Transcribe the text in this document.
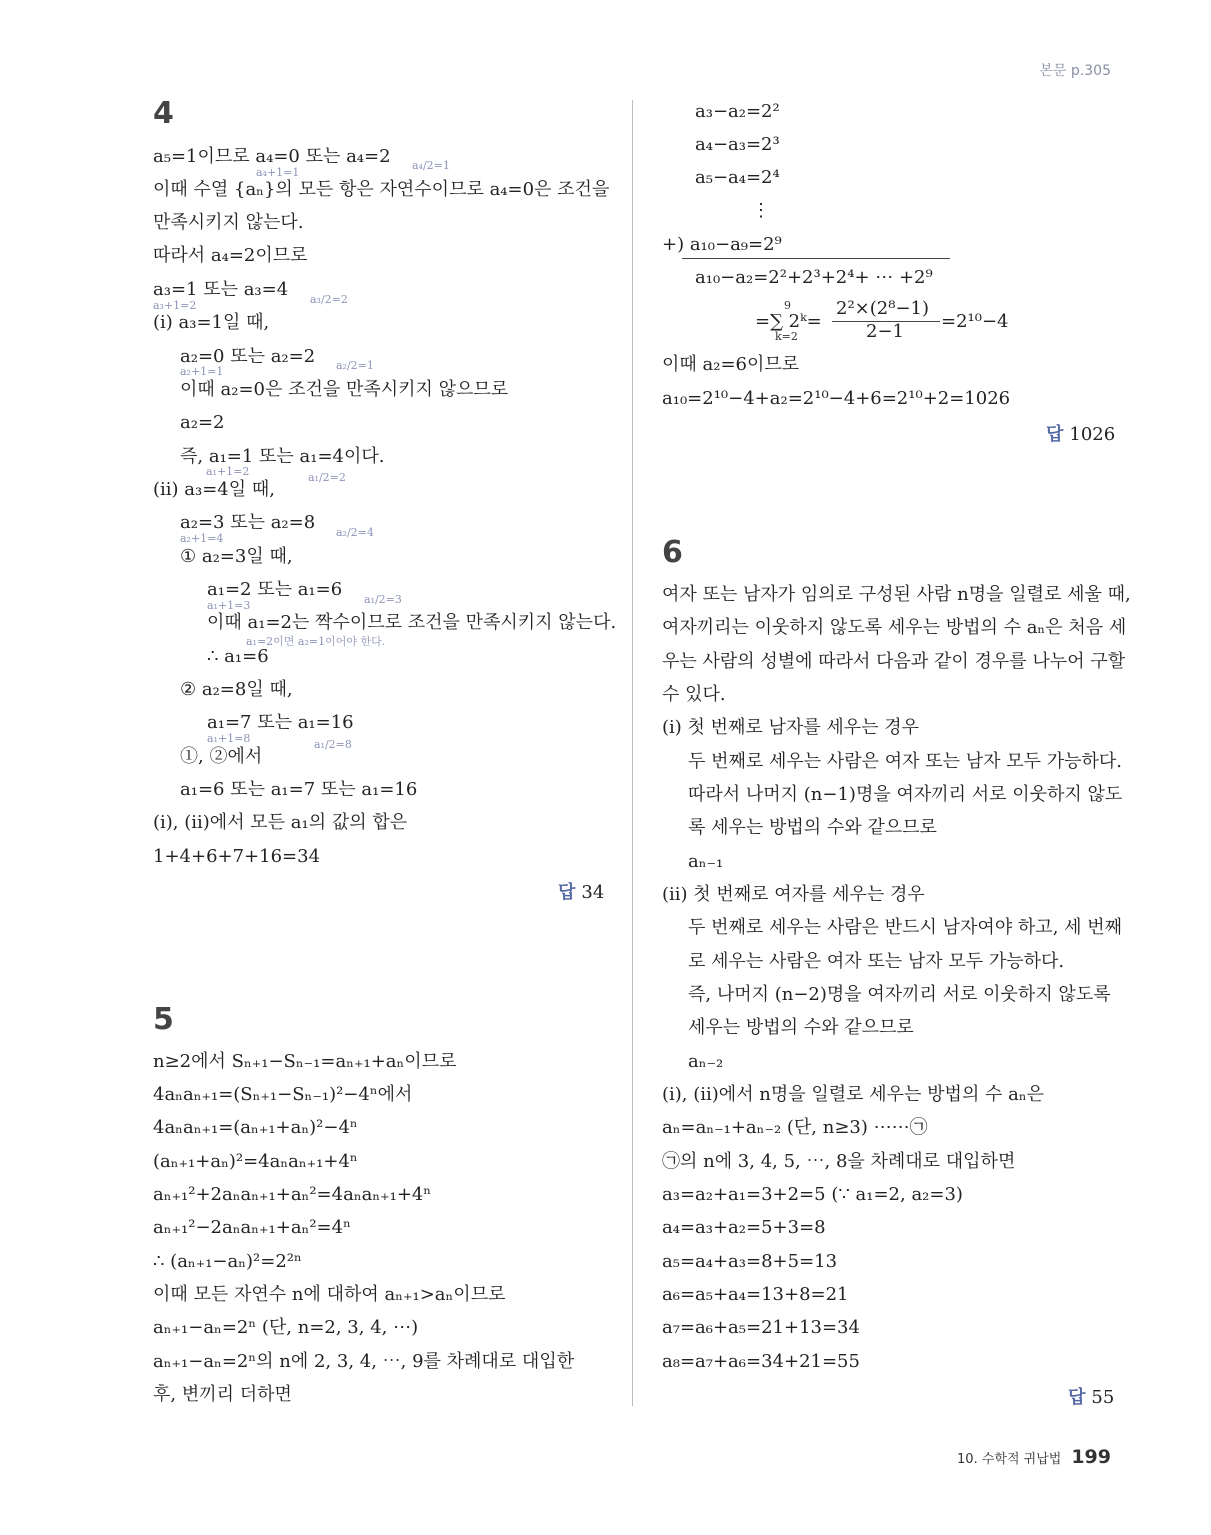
본문 p.305
4
a₅=1이므로 a₄=0 또는 a₄=2
a₄+1=1
a₄/2=1
이때 수열 {aₙ}의 모든 항은 자연수이므로 a₄=0은 조건을
만족시키지 않는다.
따라서 a₄=2이므로
a₃=1 또는 a₃=4
a₃+1=2	a₃/2=2
(ⅰ) a₃=1일 때,
a₂=0 또는 a₂=2
a₂+1=1	a₂/2=1
이때 a₂=0은 조건을 만족시키지 않으므로
a₂=2
즉, a₁=1 또는 a₁=4이다.
a₁+1=2	a₁/2=2
(ⅱ) a₃=4일 때,
a₂=3 또는 a₂=8
a₂+1=4	a₂/2=4
① a₂=3일 때,
a₁=2 또는 a₁=6
a₁+1=3	a₁/2=3
이때 a₁=2는 짝수이므로 조건을 만족시키지 않는다.
a₁=2이면 a₂=1이어야 한다.
∴ a₁=6
② a₂=8일 때,
a₁=7 또는 a₁=16
a₁+1=8	a₁/2=8
①, ②에서
a₁=6 또는 a₁=7 또는 a₁=16
(ⅰ), (ⅱ)에서 모든 a₁의 값의 합은
1+4+6+7+16=34
답 34
5
n≥2에서 Sₙ₊₁−Sₙ₋₁=aₙ₊₁+aₙ이므로
4aₙaₙ₊₁=(Sₙ₊₁−Sₙ₋₁)²−4ⁿ에서
4aₙaₙ₊₁=(aₙ₊₁+aₙ)²−4ⁿ
(aₙ₊₁+aₙ)²=4aₙaₙ₊₁+4ⁿ
aₙ₊₁²+2aₙaₙ₊₁+aₙ²=4aₙaₙ₊₁+4ⁿ
aₙ₊₁²−2aₙaₙ₊₁+aₙ²=4ⁿ
∴ (aₙ₊₁−aₙ)²=2²ⁿ
이때 모든 자연수 n에 대하여 aₙ₊₁>aₙ이므로
aₙ₊₁−aₙ=2ⁿ (단, n=2, 3, 4, ⋯)
aₙ₊₁−aₙ=2ⁿ의 n에 2, 3, 4, ⋯, 9를 차례대로 대입한
후, 변끼리 더하면
a₃−a₂=2²
a₄−a₃=2³
a₅−a₄=2⁴
⋮
+) a₁₀−a₉=2⁹
a₁₀−a₂=2²+2³+2⁴+ ⋯ +2⁹
=∑ 2ᵏ=
9
k=2
2²×(2⁸−1)
2−1 =2¹⁰−4
이때 a₂=6이므로
a₁₀=2¹⁰−4+a₂=2¹⁰−4+6=2¹⁰+2=1026
답 1026
6
여자 또는 남자가 임의로 구성된 사람 n명을 일렬로 세울 때,
여자끼리는 이웃하지 않도록 세우는 방법의 수 aₙ은 처음 세
우는 사람의 성별에 따라서 다음과 같이 경우를 나누어 구할
수 있다.
(ⅰ) 첫 번째로 남자를 세우는 경우
두 번째로 세우는 사람은 여자 또는 남자 모두 가능하다.
따라서 나머지 (n−1)명을 여자끼리 서로 이웃하지 않도
록 세우는 방법의 수와 같으므로
aₙ₋₁
(ⅱ) 첫 번째로 여자를 세우는 경우
두 번째로 세우는 사람은 반드시 남자여야 하고, 세 번째
로 세우는 사람은 여자 또는 남자 모두 가능하다.
즉, 나머지 (n−2)명을 여자끼리 서로 이웃하지 않도록
세우는 방법의 수와 같으므로
aₙ₋₂
(ⅰ), (ⅱ)에서 n명을 일렬로 세우는 방법의 수 aₙ은
aₙ=aₙ₋₁+aₙ₋₂ (단, n≥3) ⋯⋯㉠
㉠의 n에 3, 4, 5, ⋯, 8을 차례대로 대입하면
a₃=a₂+a₁=3+2=5 (∵ a₁=2, a₂=3)
a₄=a₃+a₂=5+3=8
a₅=a₄+a₃=8+5=13
a₆=a₅+a₄=13+8=21
a₇=a₆+a₅=21+13=34
a₈=a₇+a₆=34+21=55
답 55
10. 수학적 귀납법 199
